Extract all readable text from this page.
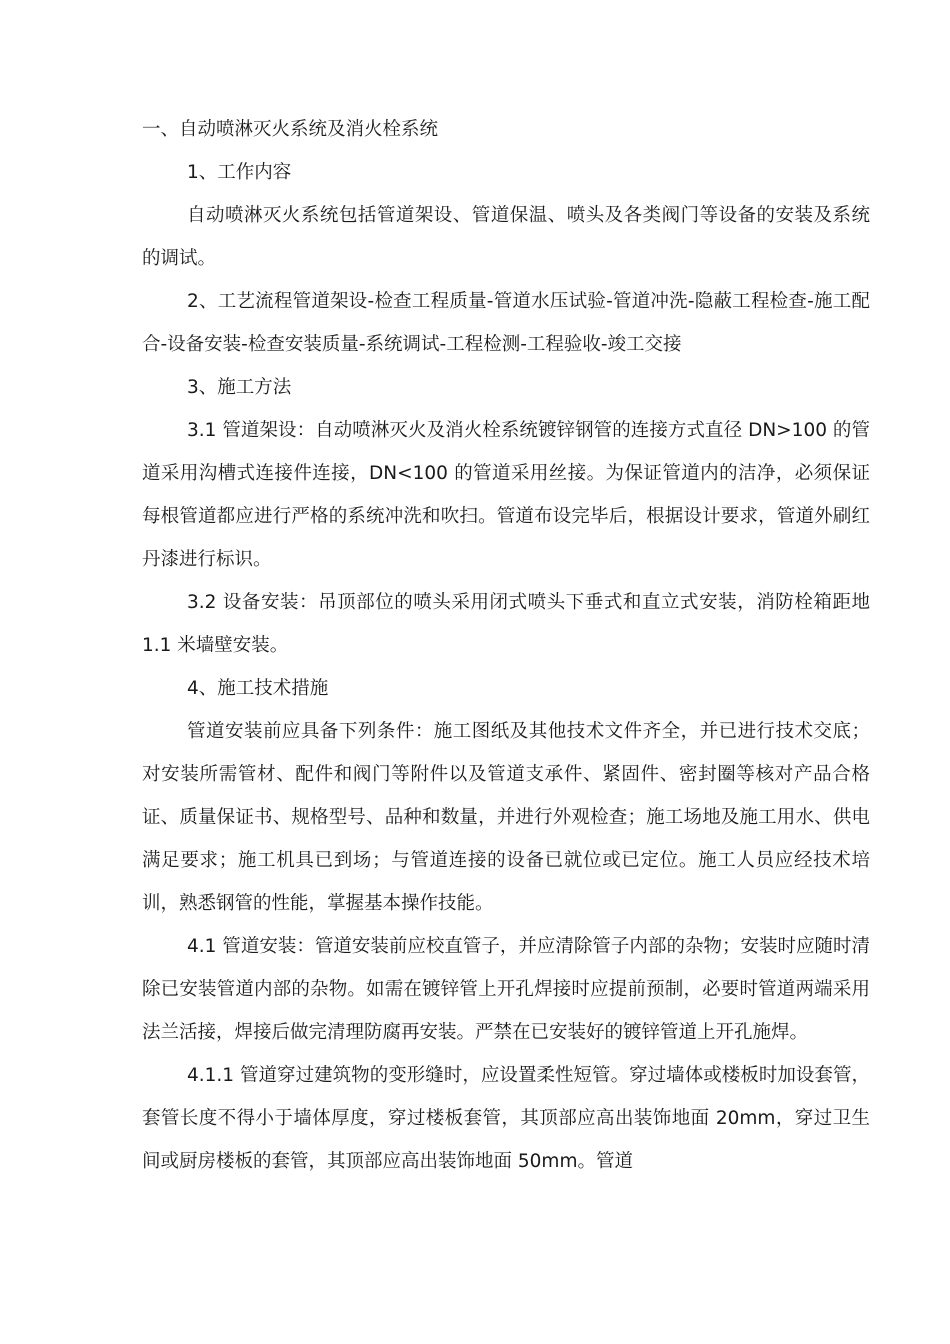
一、自动喷淋灭火系统及消火栓系统

1、工作内容

自动喷淋灭火系统包括管道架设、管道保温、喷头及各类阀门等设备的安装及系统的调试。

2、工艺流程管道架设-检查工程质量-管道水压试验-管道冲洗-隐蔽工程检查-施工配合-设备安装-检查安装质量-系统调试-工程检测-工程验收-竣工交接

3、施工方法

3.1 管道架设：自动喷淋灭火及消火栓系统镀锌钢管的连接方式直径 DN>100 的管道采用沟槽式连接件连接，DN<100 的管道采用丝接。为保证管道内的洁净，必须保证每根管道都应进行严格的系统冲洗和吹扫。管道布设完毕后，根据设计要求，管道外刷红丹漆进行标识。

3.2 设备安装：吊顶部位的喷头采用闭式喷头下垂式和直立式安装，消防栓箱距地 1.1 米墙壁安装。

4、施工技术措施

管道安装前应具备下列条件：施工图纸及其他技术文件齐全，并已进行技术交底；对安装所需管材、配件和阀门等附件以及管道支承件、紧固件、密封圈等核对产品合格证、质量保证书、规格型号、品种和数量，并进行外观检查；施工场地及施工用水、供电满足要求；施工机具已到场；与管道连接的设备已就位或已定位。施工人员应经技术培训，熟悉钢管的性能，掌握基本操作技能。

4.1 管道安装：管道安装前应校直管子，并应清除管子内部的杂物；安装时应随时清除已安装管道内部的杂物。如需在镀锌管上开孔焊接时应提前预制，必要时管道两端采用法兰活接，焊接后做完清理防腐再安装。严禁在已安装好的镀锌管道上开孔施焊。

4.1.1 管道穿过建筑物的变形缝时，应设置柔性短管。穿过墙体或楼板时加设套管，套管长度不得小于墙体厚度，穿过楼板套管，其顶部应高出装饰地面 20mm，穿过卫生间或厨房楼板的套管，其顶部应高出装饰地面 50mm。管道
